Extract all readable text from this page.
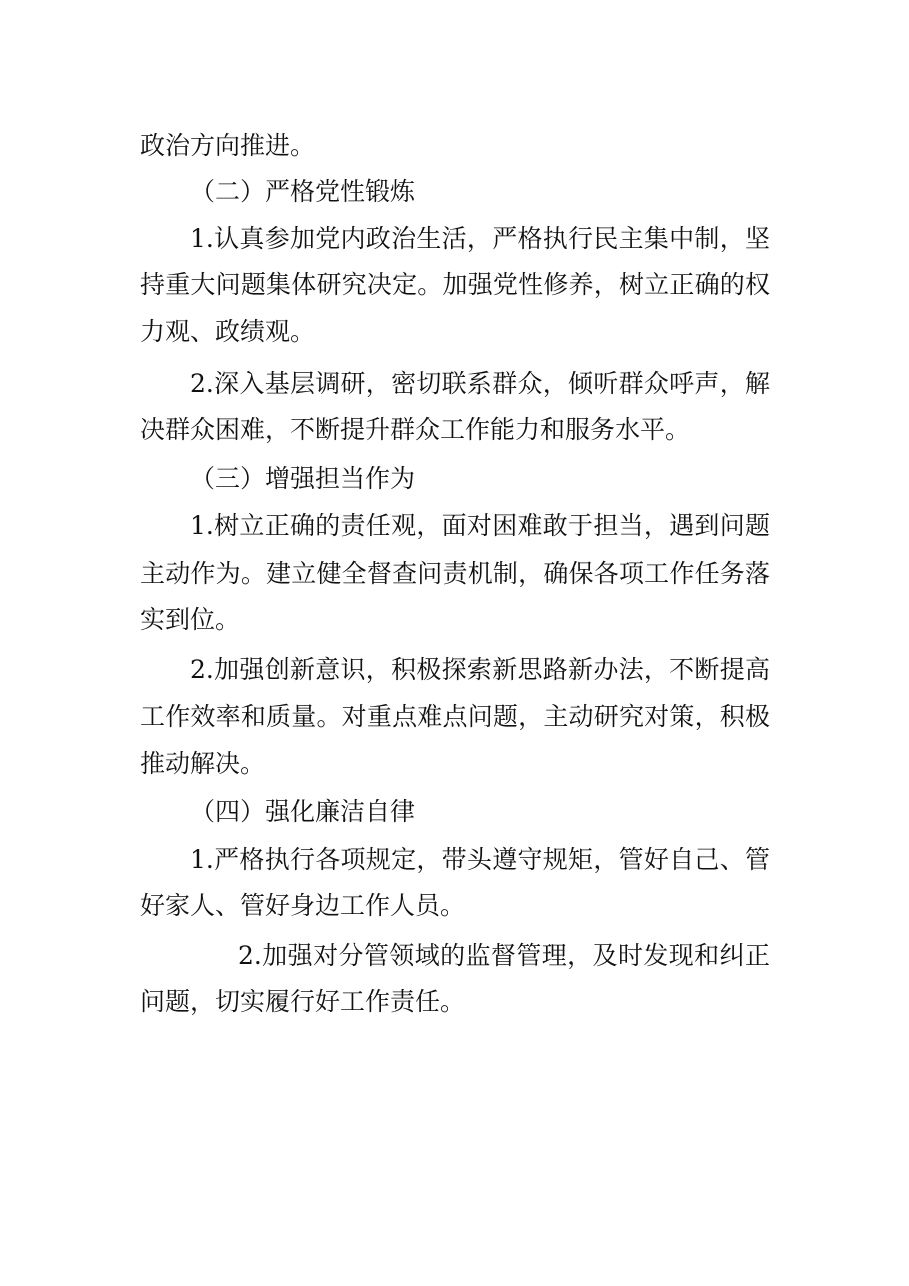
政治方向推进。
（二）严格党性锻炼
1.认真参加党内政治生活，严格执行民主集中制，坚
持重大问题集体研究决定。加强党性修养，树立正确的权
力观、政绩观。
2.深入基层调研，密切联系群众，倾听群众呼声，解
决群众困难，不断提升群众工作能力和服务水平。
（三）增强担当作为
1.树立正确的责任观，面对困难敢于担当，遇到问题
主动作为。建立健全督查问责机制，确保各项工作任务落
实到位。
2.加强创新意识，积极探索新思路新办法，不断提高
工作效率和质量。对重点难点问题，主动研究对策，积极
推动解决。
（四）强化廉洁自律
1.严格执行各项规定，带头遵守规矩，管好自己、管
好家人、管好身边工作人员。
2.加强对分管领域的监督管理，及时发现和纠正
问题，切实履行好工作责任。
